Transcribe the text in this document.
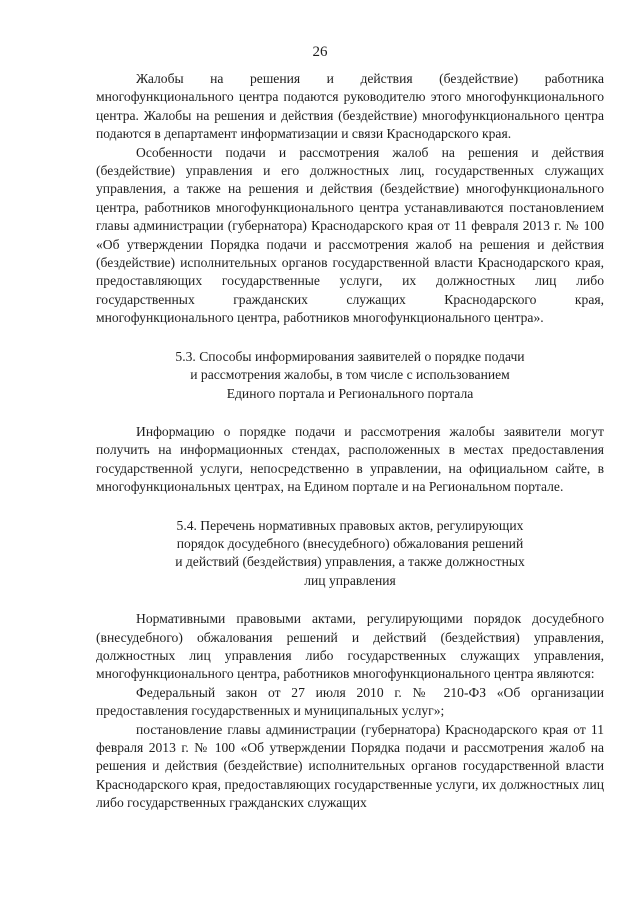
26

Жалобы на решения и действия (бездействие) работника многофункционального центра подаются руководителю этого многофункционального центра. Жалобы на решения и действия (бездействие) многофункционального центра подаются в департамент информатизации и связи Краснодарского края.

Особенности подачи и рассмотрения жалоб на решения и действия (бездействие) управления и его должностных лиц, государственных служащих управления, а также на решения и действия (бездействие) многофункционального центра, работников многофункционального центра устанавливаются постановлением главы администрации (губернатора) Краснодарского края от 11 февраля 2013 г. № 100 «Об утверждении Порядка подачи и рассмотрения жалоб на решения и действия (бездействие) исполнительных органов государственной власти Краснодарского края, предоставляющих государственные услуги, их должностных лиц либо государственных гражданских служащих Краснодарского края, многофункционального центра, работников многофункционального центра».

5.3. Способы информирования заявителей о порядке подачи
и рассмотрения жалобы, в том числе с использованием
Единого портала и Регионального портала

Информацию о порядке подачи и рассмотрения жалобы заявители могут получить на информационных стендах, расположенных в местах предоставления государственной услуги, непосредственно в управлении, на официальном сайте, в многофункциональных центрах, на Едином портале и на Региональном портале.

5.4. Перечень нормативных правовых актов, регулирующих
порядок досудебного (внесудебного) обжалования решений
и действий (бездействия) управления, а также должностных
лиц управления

Нормативными правовыми актами, регулирующими порядок досудебного (внесудебного) обжалования решений и действий (бездействия) управления, должностных лиц управления либо государственных служащих управления, многофункционального центра, работников многофункционального центра являются:

Федеральный закон от 27 июля 2010 г. № 210-ФЗ «Об организации предоставления государственных и муниципальных услуг»;

постановление главы администрации (губернатора) Краснодарского края от 11 февраля 2013 г. № 100 «Об утверждении Порядка подачи и рассмотрения жалоб на решения и действия (бездействие) исполнительных органов государственной власти Краснодарского края, предоставляющих государственные услуги, их должностных лиц либо государственных гражданских служащих
